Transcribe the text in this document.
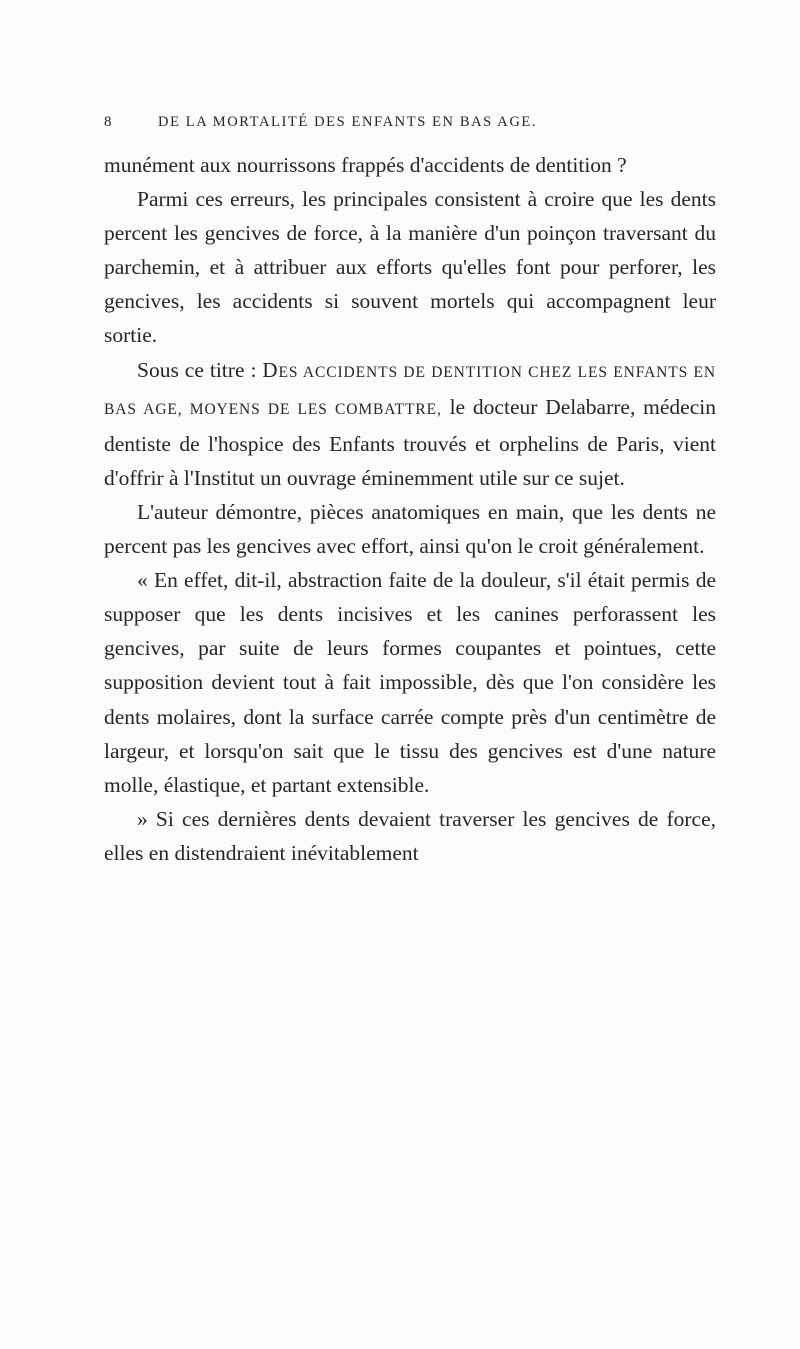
8	DE LA MORTALITÉ DES ENFANTS EN BAS AGE.

munément aux nourrissons frappés d'accidents de dentition ?

Parmi ces erreurs, les principales consistent à croire que les dents percent les gencives de force, à la manière d'un poinçon traversant du parchemin, et à attribuer aux efforts qu'elles font pour perforer, les gencives, les accidents si souvent mortels qui accompagnent leur sortie.

Sous ce titre : DES ACCIDENTS DE DENTITION CHEZ LES ENFANTS EN BAS AGE, MOYENS DE LES COMBATTRE, le docteur Delabarre, médecin dentiste de l'hospice des Enfants trouvés et orphelins de Paris, vient d'offrir à l'Institut un ouvrage éminemment utile sur ce sujet.

L'auteur démontre, pièces anatomiques en main, que les dents ne percent pas les gencives avec effort, ainsi qu'on le croit généralement.

« En effet, dit-il, abstraction faite de la douleur, s'il était permis de supposer que les dents incisives et les canines perforassent les gencives, par suite de leurs formes coupantes et pointues, cette supposition devient tout à fait impossible, dès que l'on considère les dents molaires, dont la surface carrée compte près d'un centimètre de largeur, et lorsqu'on sait que le tissu des gencives est d'une nature molle, élastique, et partant extensible.

» Si ces dernières dents devaient traverser les gencives de force, elles en distendraient inévitablement
